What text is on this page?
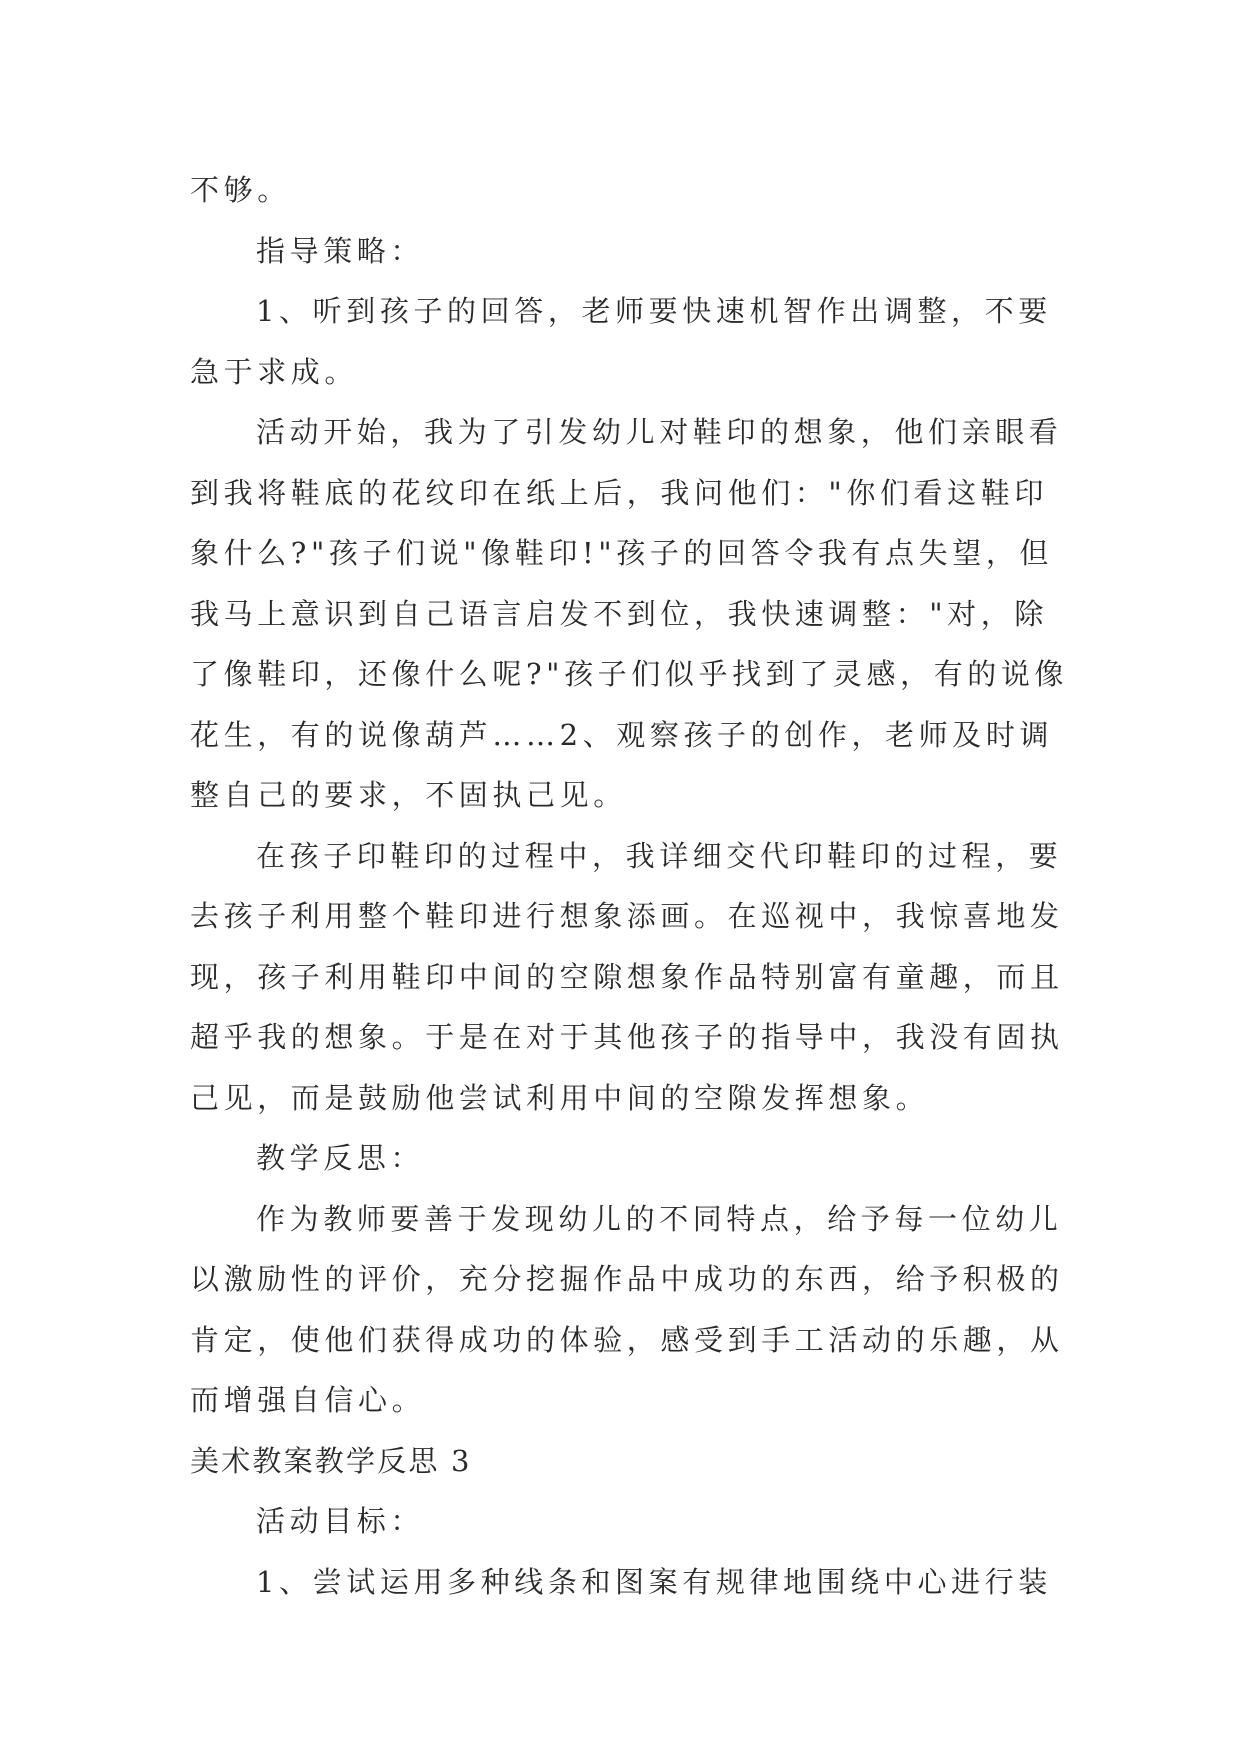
不够。
指导策略：
1、听到孩子的回答，老师要快速机智作出调整，不要
急于求成。
活动开始，我为了引发幼儿对鞋印的想象，他们亲眼看
到我将鞋底的花纹印在纸上后，我问他们："你们看这鞋印
象什么?"孩子们说"像鞋印!"孩子的回答令我有点失望，但
我马上意识到自己语言启发不到位，我快速调整："对，除
了像鞋印，还像什么呢?"孩子们似乎找到了灵感，有的说像
花生，有的说像葫芦……2、观察孩子的创作，老师及时调
整自己的要求，不固执己见。
在孩子印鞋印的过程中，我详细交代印鞋印的过程，要
去孩子利用整个鞋印进行想象添画。在巡视中，我惊喜地发
现，孩子利用鞋印中间的空隙想象作品特别富有童趣，而且
超乎我的想象。于是在对于其他孩子的指导中，我没有固执
己见，而是鼓励他尝试利用中间的空隙发挥想象。
教学反思：
作为教师要善于发现幼儿的不同特点，给予每一位幼儿
以激励性的评价，充分挖掘作品中成功的东西，给予积极的
肯定，使他们获得成功的体验，感受到手工活动的乐趣，从
而增强自信心。
美术教案教学反思 3
活动目标：
1、尝试运用多种线条和图案有规律地围绕中心进行装
